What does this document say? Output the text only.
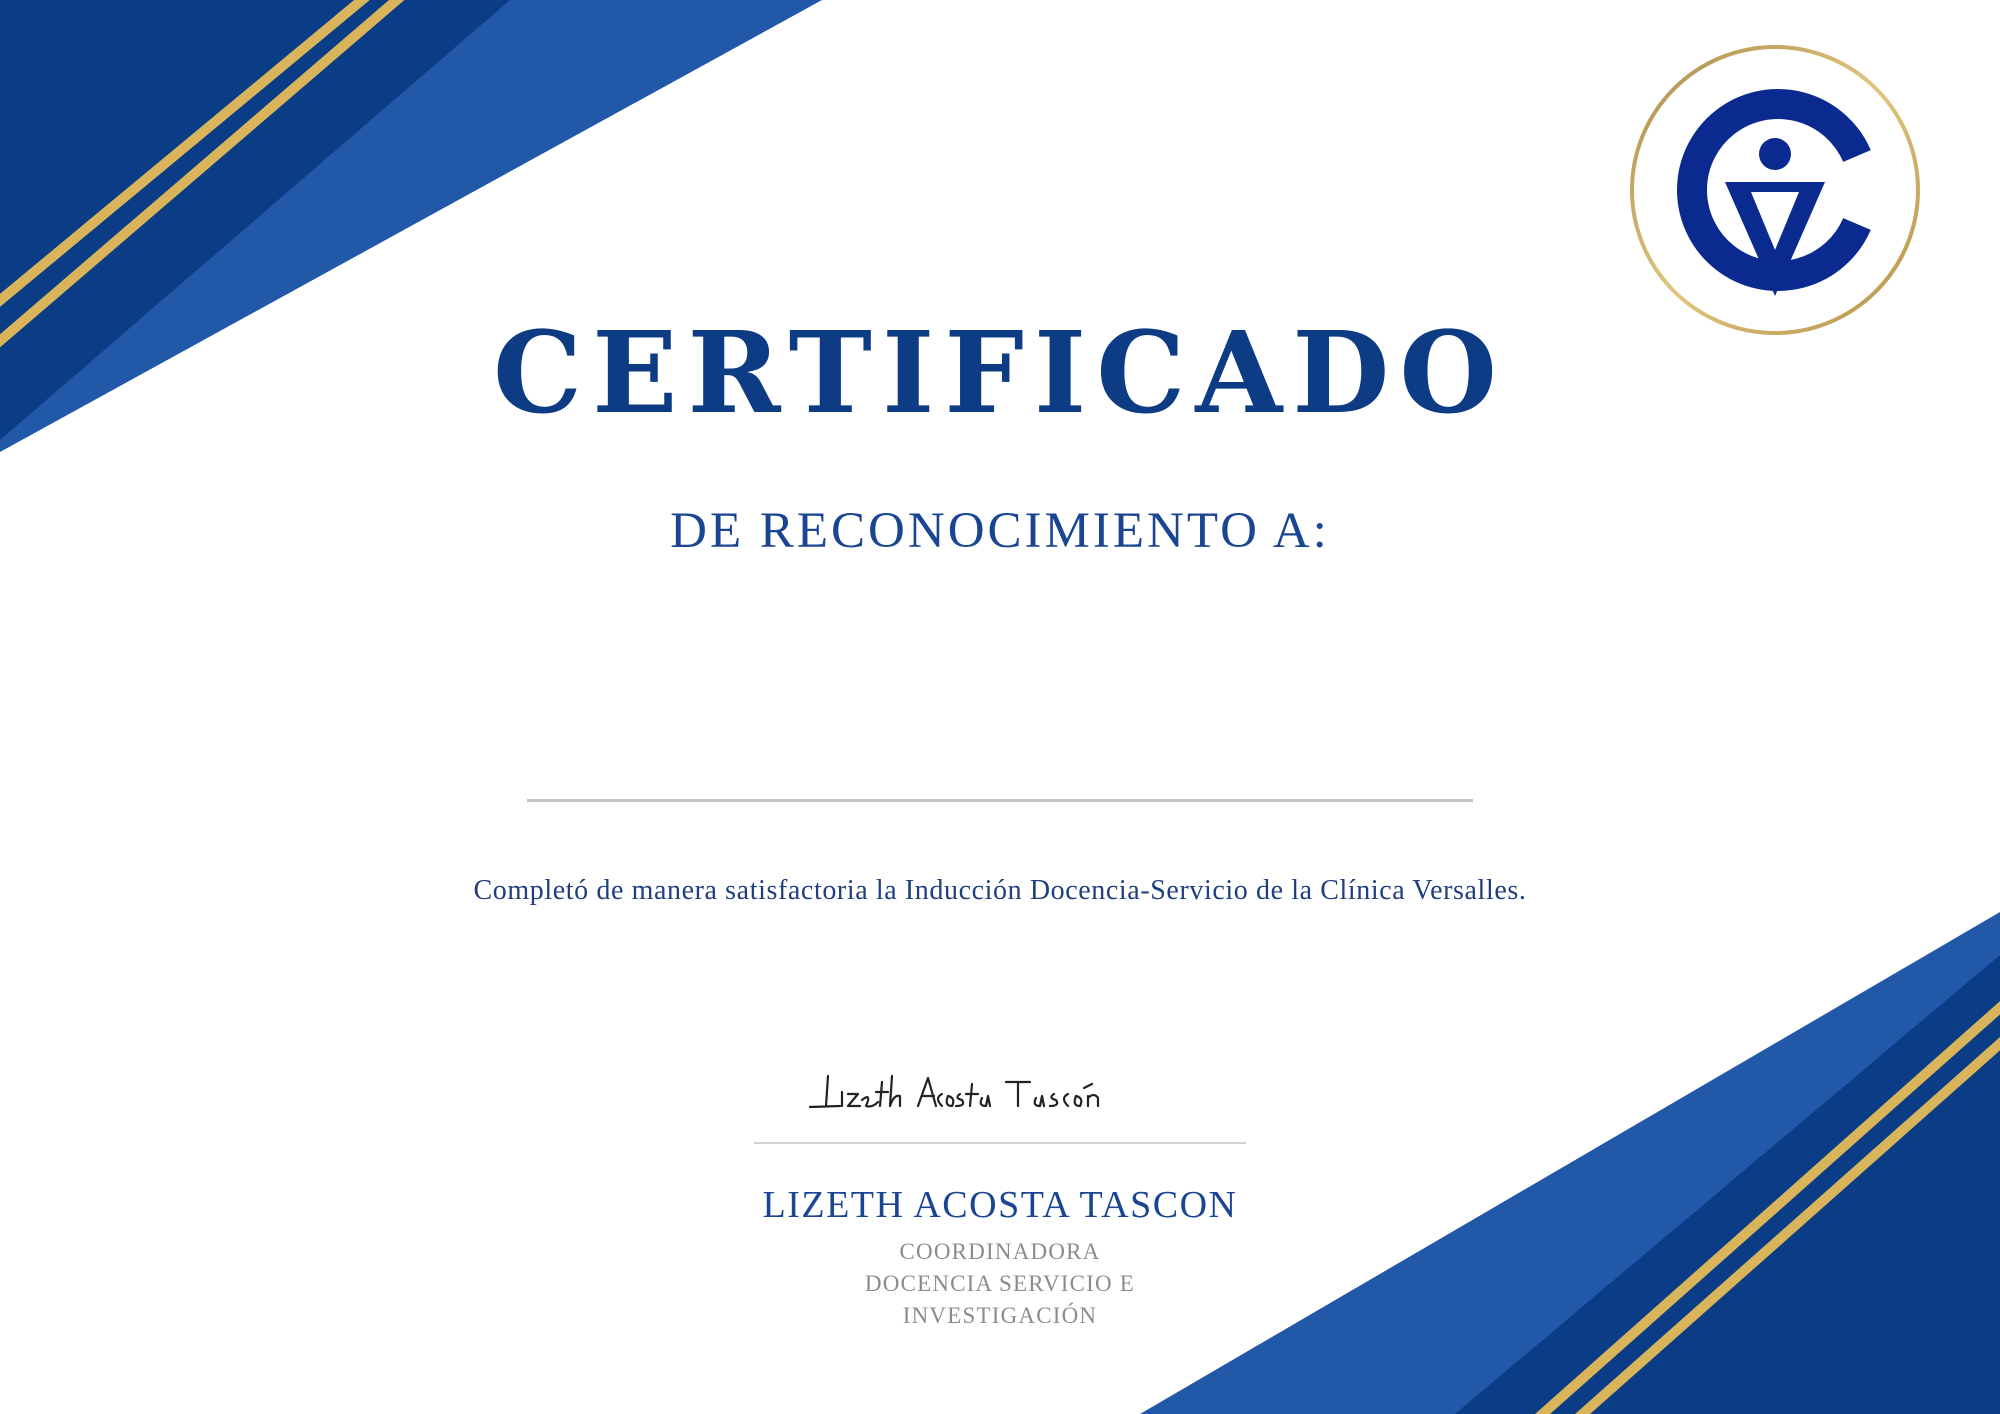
CERTIFICADO
DE RECONOCIMIENTO A:
Completó de manera satisfactoria la Inducción Docencia-Servicio de la Clínica Versalles.
LIZETH ACOSTA TASCON
COORDINADORA
DOCENCIA SERVICIO E
INVESTIGACIÓN
